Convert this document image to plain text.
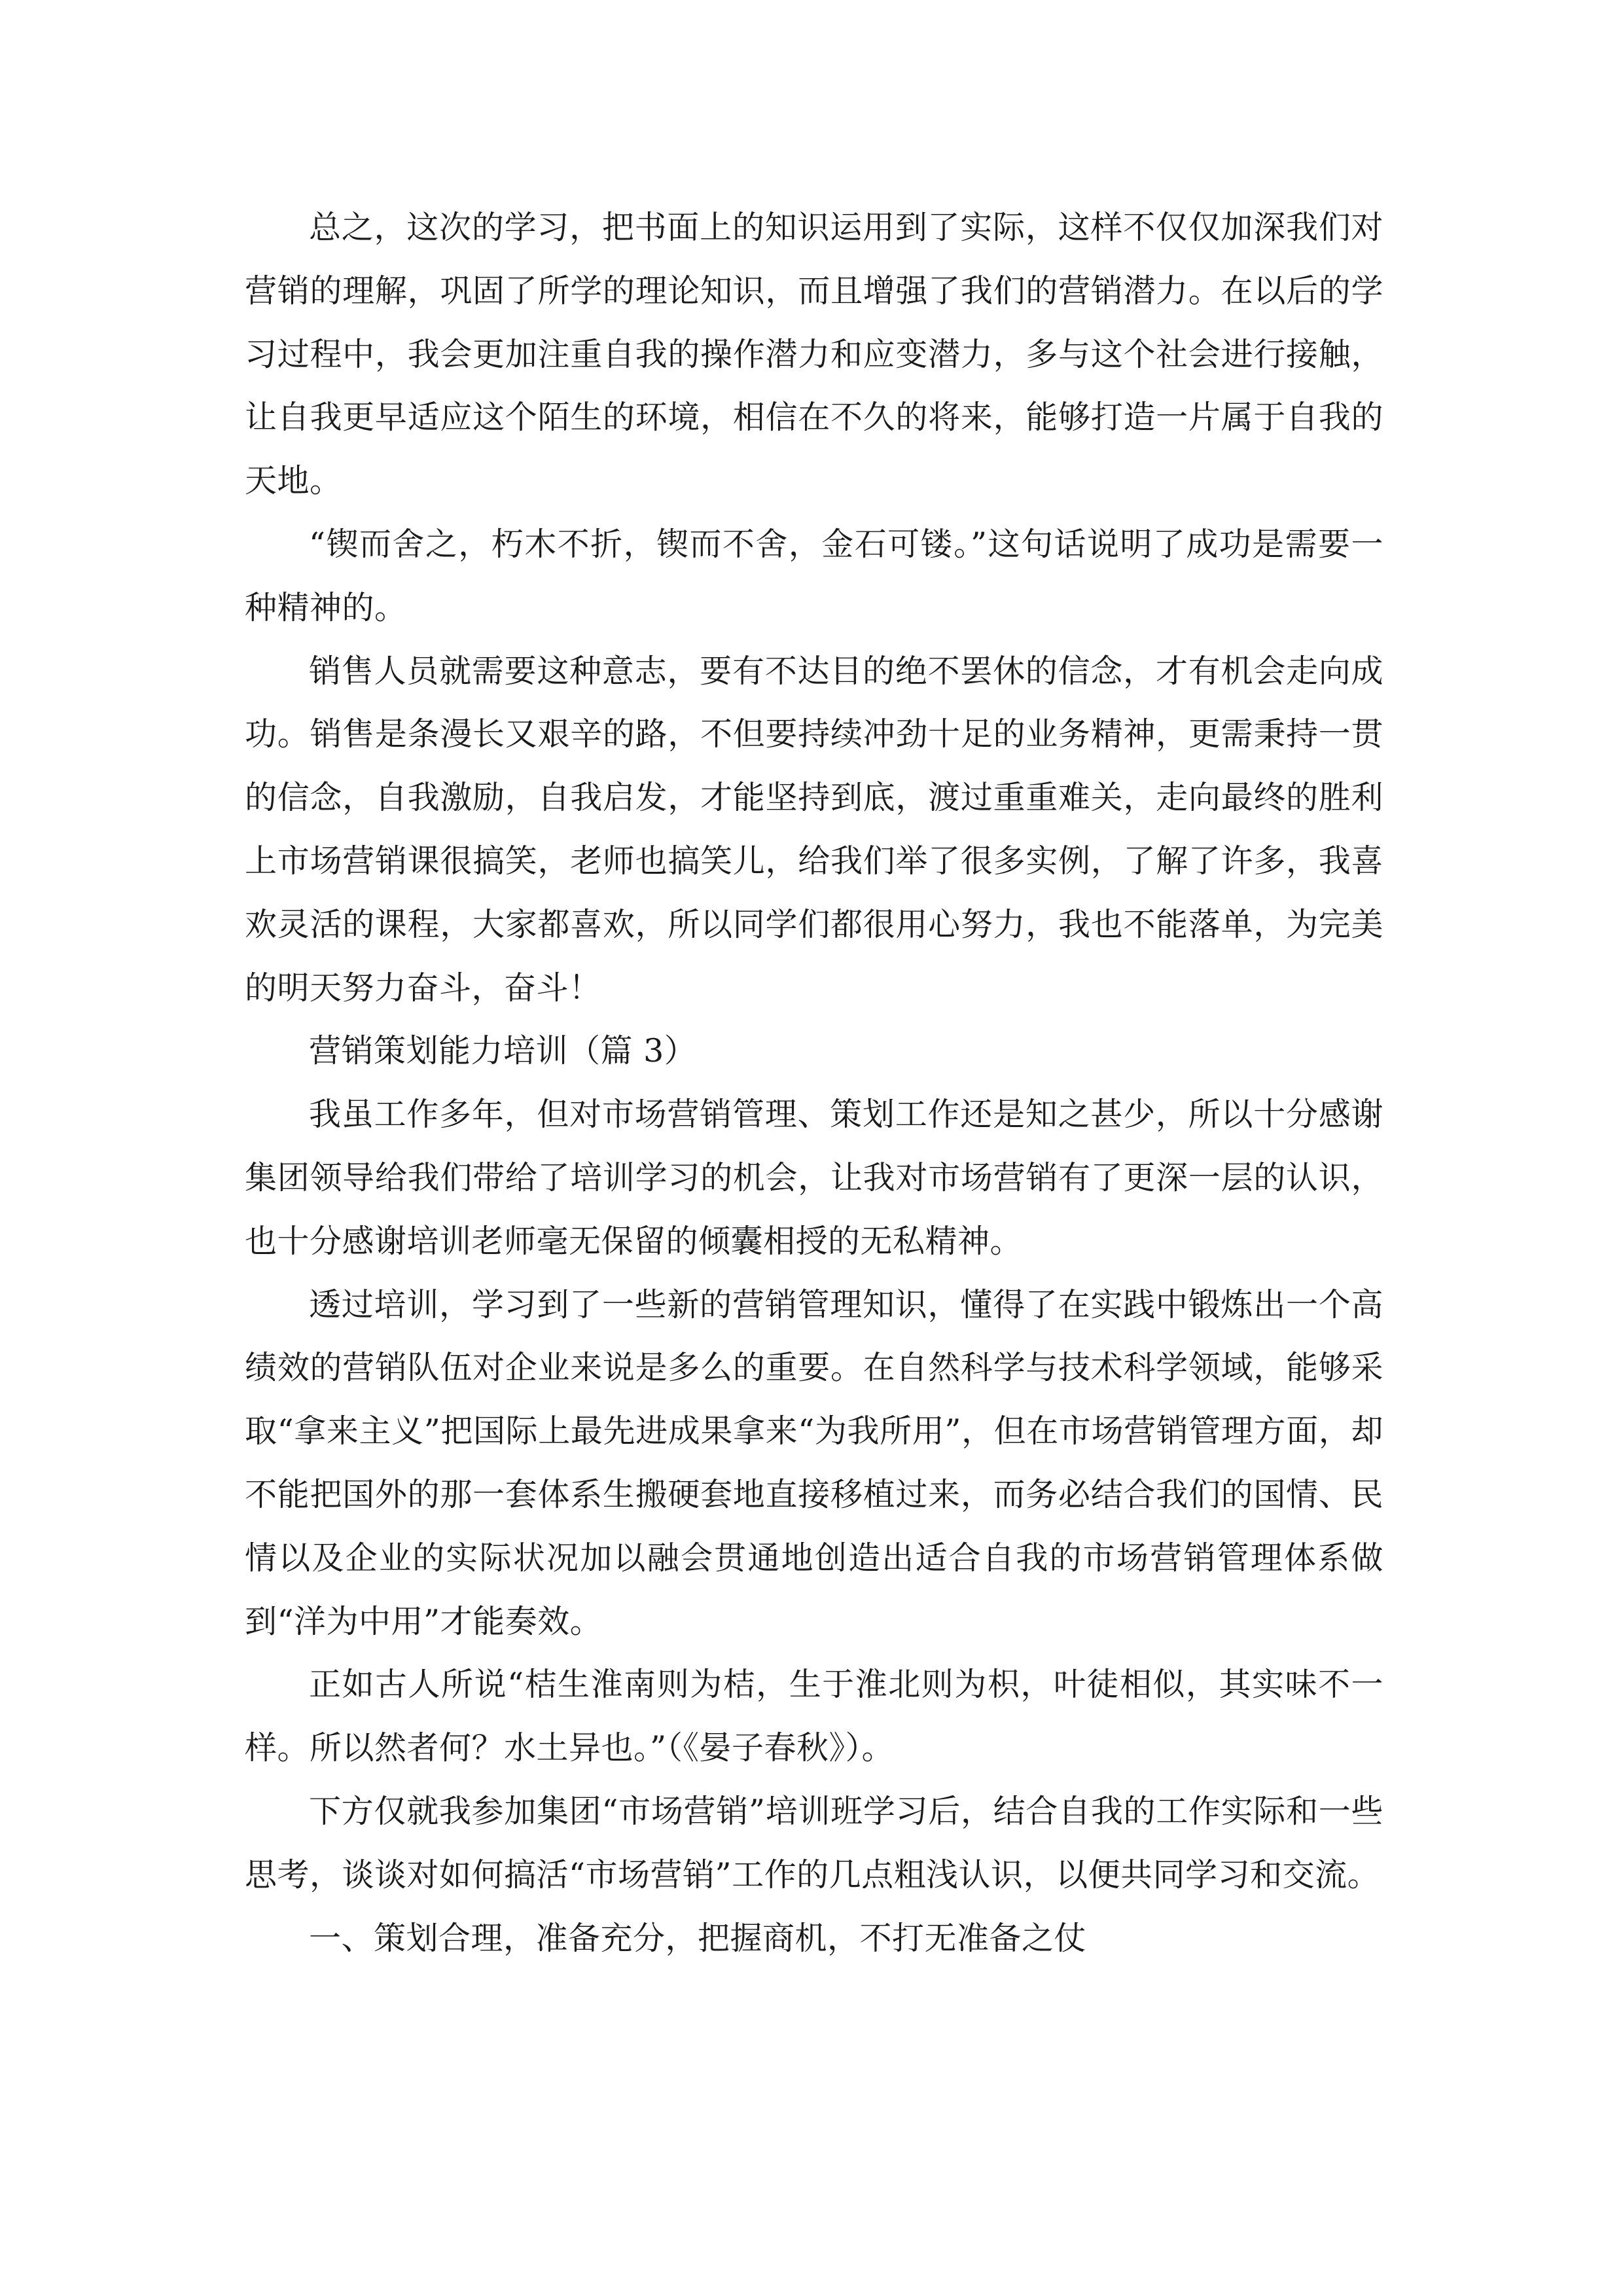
总之，这次的学习，把书面上的知识运用到了实际，这样不仅仅加深我们对营销的理解，巩固了所学的理论知识，而且增强了我们的营销潜力。在以后的学习过程中，我会更加注重自我的操作潜力和应变潜力，多与这个社会进行接触，让自我更早适应这个陌生的环境，相信在不久的将来，能够打造一片属于自我的天地。

“锲而舍之，朽木不折，锲而不舍，金石可镂。”这句话说明了成功是需要一种精神的。

销售人员就需要这种意志，要有不达目的绝不罢休的信念，才有机会走向成功。销售是条漫长又艰辛的路，不但要持续冲劲十足的业务精神，更需秉持一贯的信念，自我激励，自我启发，才能坚持到底，渡过重重难关，走向最终的胜利上市场营销课很搞笑，老师也搞笑儿，给我们举了很多实例，了解了许多，我喜欢灵活的课程，大家都喜欢，所以同学们都很用心努力，我也不能落单，为完美的明天努力奋斗，奋斗！

营销策划能力培训（篇 3）

我虽工作多年，但对市场营销管理、策划工作还是知之甚少，所以十分感谢集团领导给我们带给了培训学习的机会，让我对市场营销有了更深一层的认识，也十分感谢培训老师毫无保留的倾囊相授的无私精神。

透过培训，学习到了一些新的营销管理知识，懂得了在实践中锻炼出一个高绩效的营销队伍对企业来说是多么的重要。在自然科学与技术科学领域，能够采取“拿来主义”把国际上最先进成果拿来“为我所用”，但在市场营销管理方面，却不能把国外的那一套体系生搬硬套地直接移植过来，而务必结合我们的国情、民情以及企业的实际状况加以融会贯通地创造出适合自我的市场营销管理体系做到“洋为中用”才能奏效。

正如古人所说“桔生淮南则为桔，生于淮北则为枳，叶徒相似，其实味不一样。所以然者何？水土异也。”（《晏子春秋》）。

下方仅就我参加集团“市场营销”培训班学习后，结合自我的工作实际和一些思考，谈谈对如何搞活“市场营销”工作的几点粗浅认识，以便共同学习和交流。

一、策划合理，准备充分，把握商机，不打无准备之仗
